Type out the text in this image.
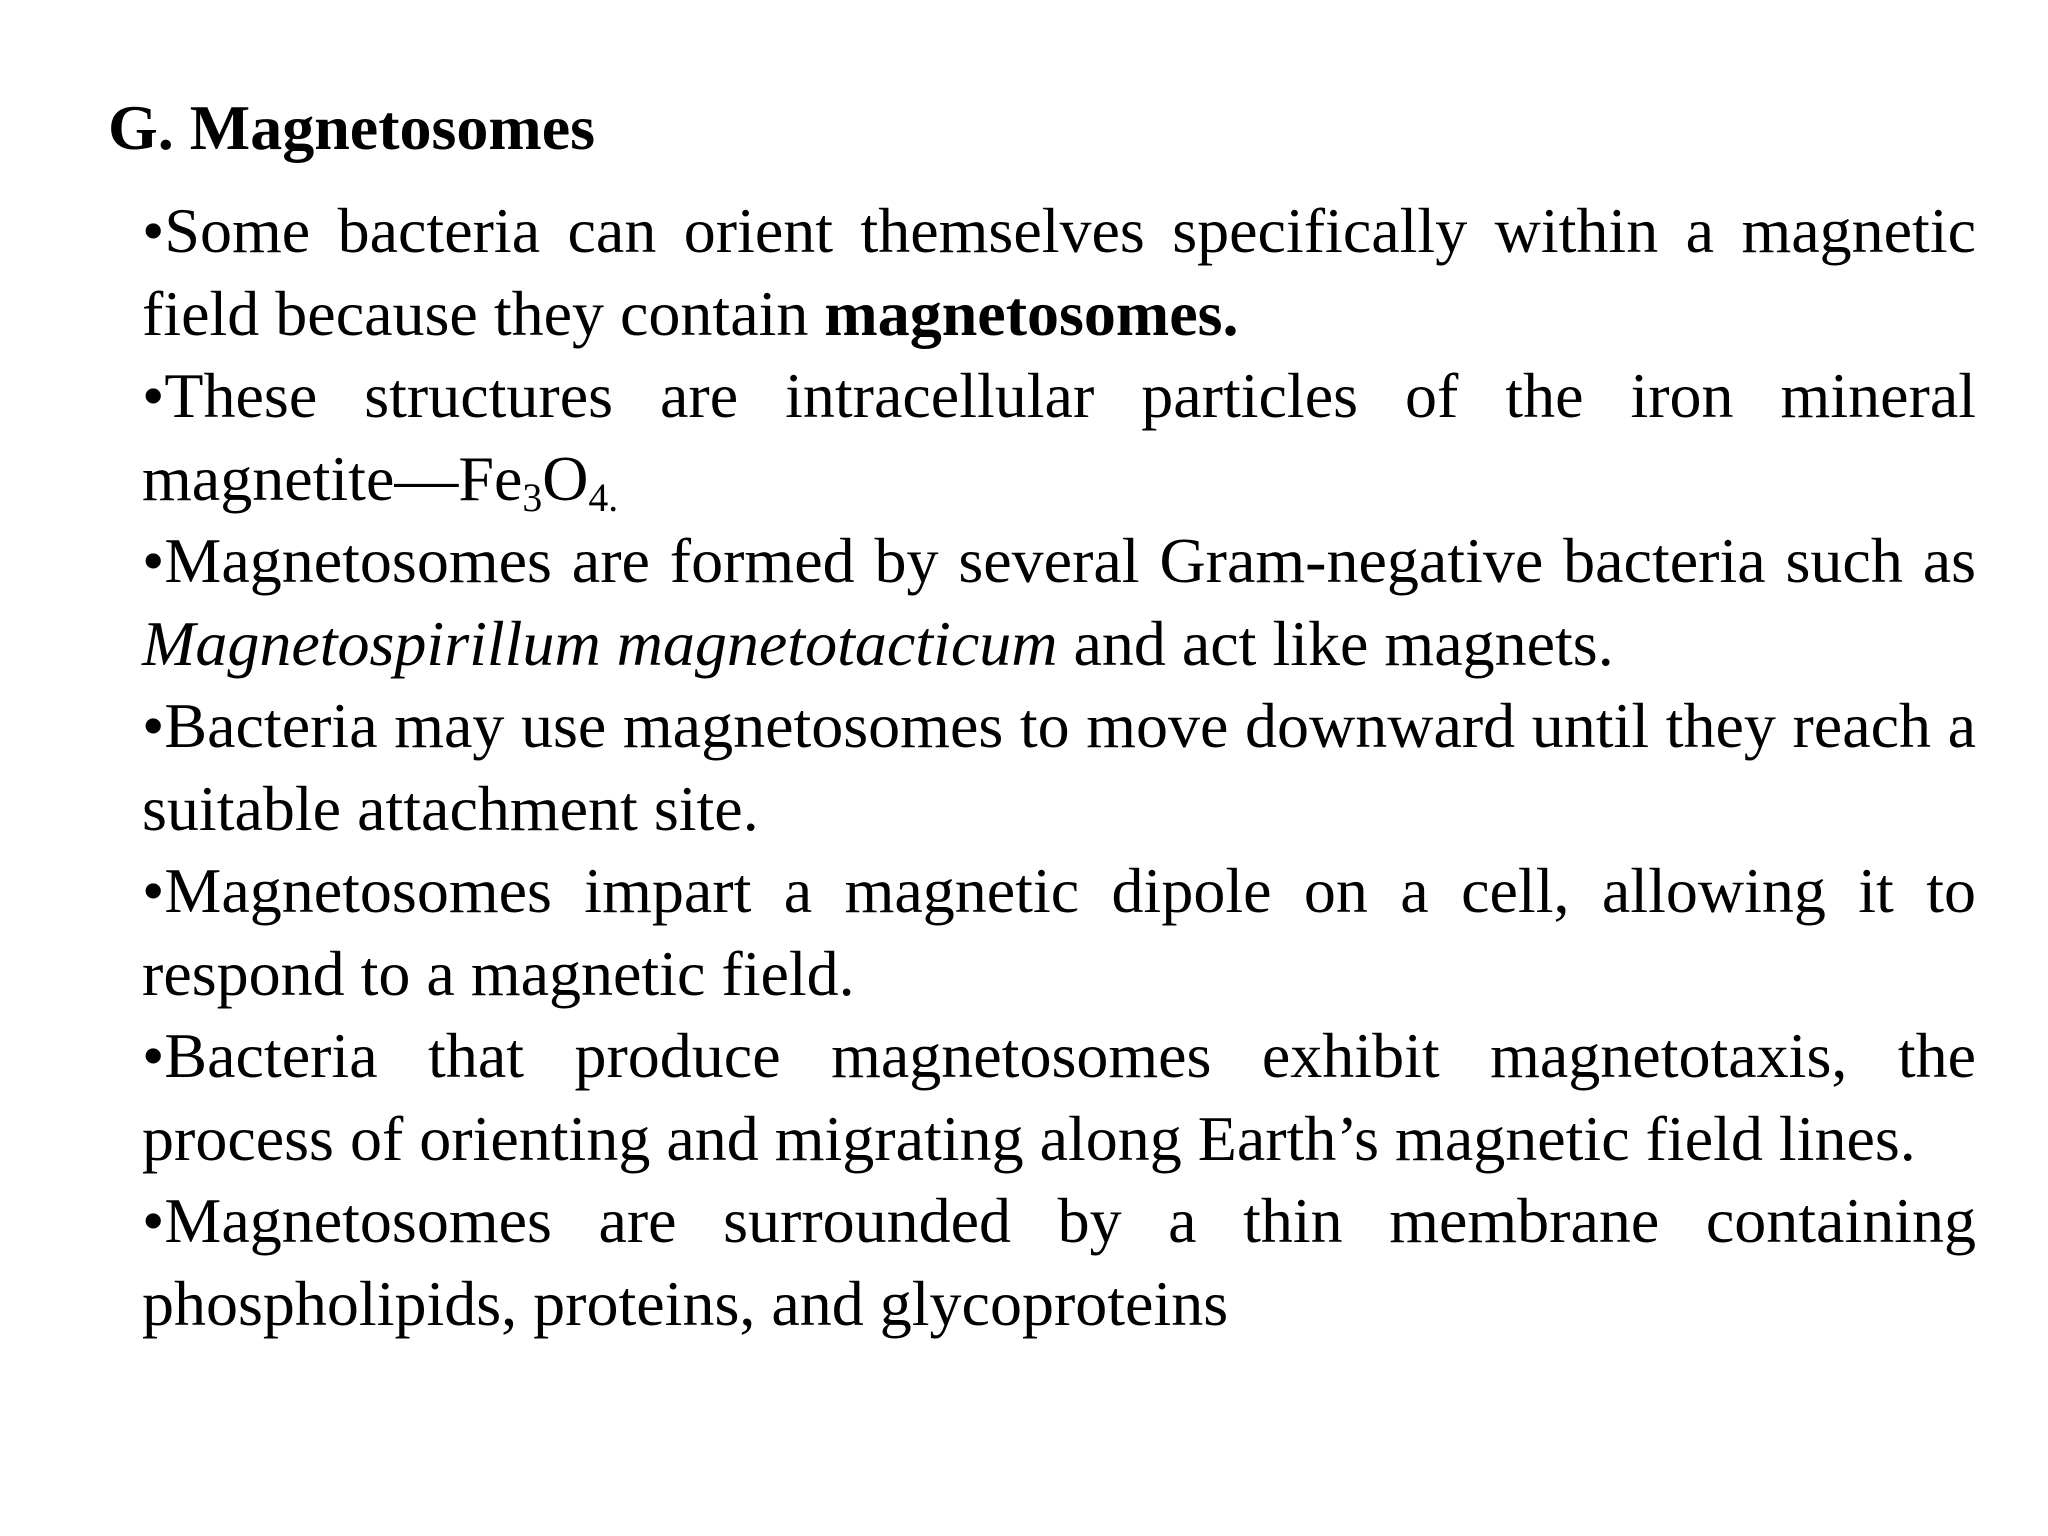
G. Magnetosomes

•Some bacteria can orient themselves specifically within a magnetic field because they contain magnetosomes.

•These structures are intracellular particles of the iron mineral $magnetite—Fe_3O_{4.}$

•Magnetosomes are formed by several Gram-negative bacteria such as Magnetospirillum magnetotacticum and act like magnets.

•Bacteria may use magnetosomes to move downward until they reach a suitable attachment site.

•Magnetosomes impart a magnetic dipole on a cell, allowing it to respond to a magnetic field.

•Bacteria that produce magnetosomes exhibit magnetotaxis, the process of orienting and migrating along Earth’s magnetic field lines.

•Magnetosomes are surrounded by a thin membrane containing phospholipids, proteins, and glycoproteins
